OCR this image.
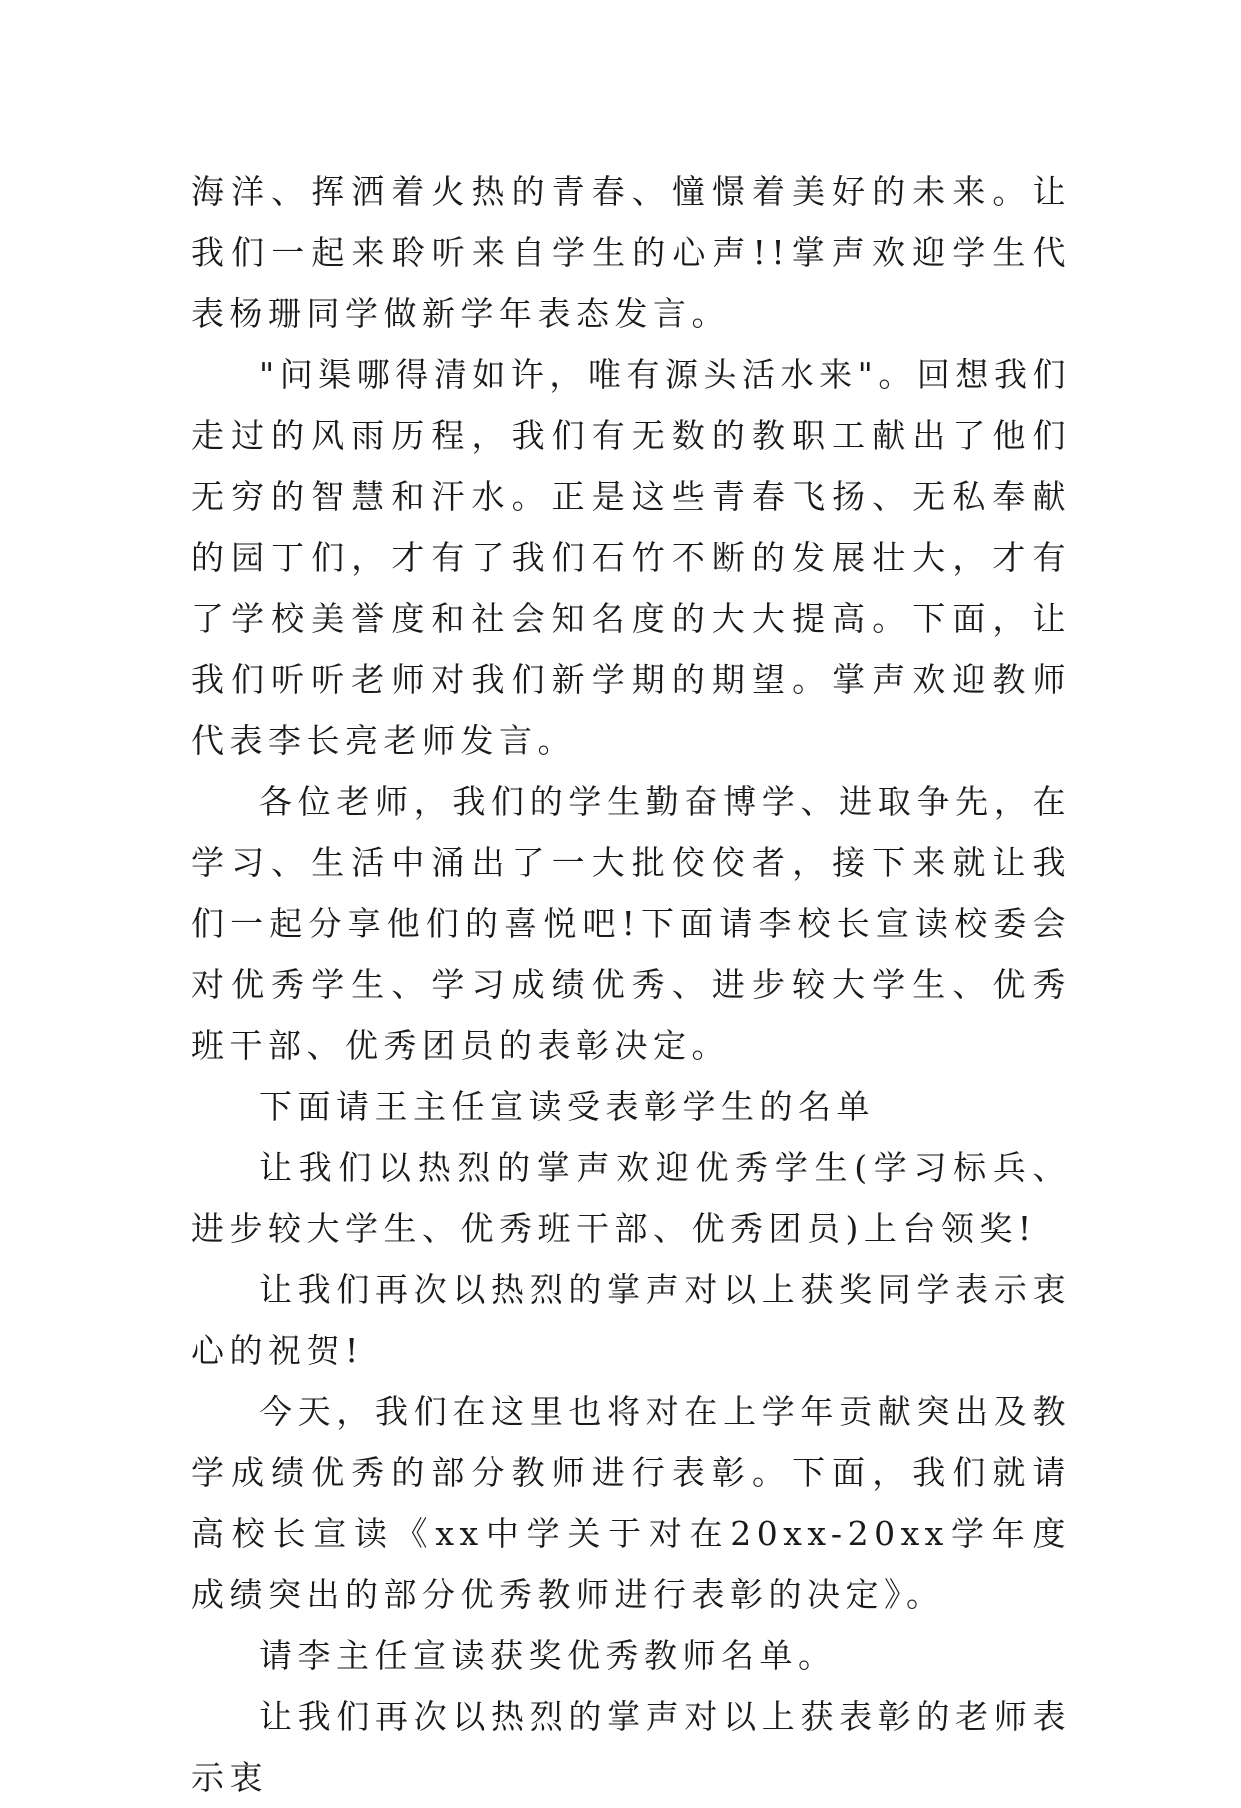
海洋、挥洒着火热的青春、憧憬着美好的未来。让我们一起来聆听来自学生的心声!!掌声欢迎学生代表杨珊同学做新学年表态发言。

"问渠哪得清如许，唯有源头活水来"。回想我们走过的风雨历程，我们有无数的教职工献出了他们无穷的智慧和汗水。正是这些青春飞扬、无私奉献的园丁们，才有了我们石竹不断的发展壮大，才有了学校美誉度和社会知名度的大大提高。下面，让我们听听老师对我们新学期的期望。掌声欢迎教师代表李长亮老师发言。

各位老师，我们的学生勤奋博学、进取争先，在学习、生活中涌出了一大批佼佼者，接下来就让我们一起分享他们的喜悦吧!下面请李校长宣读校委会对优秀学生、学习成绩优秀、进步较大学生、优秀班干部、优秀团员的表彰决定。

下面请王主任宣读受表彰学生的名单

让我们以热烈的掌声欢迎优秀学生(学习标兵、进步较大学生、优秀班干部、优秀团员)上台领奖!

让我们再次以热烈的掌声对以上获奖同学表示衷心的祝贺!

今天，我们在这里也将对在上学年贡献突出及教学成绩优秀的部分教师进行表彰。下面，我们就请高校长宣读《xx中学关于对在20xx-20xx学年度成绩突出的部分优秀教师进行表彰的决定》。

请李主任宣读获奖优秀教师名单。

让我们再次以热烈的掌声对以上获表彰的老师表示衷
